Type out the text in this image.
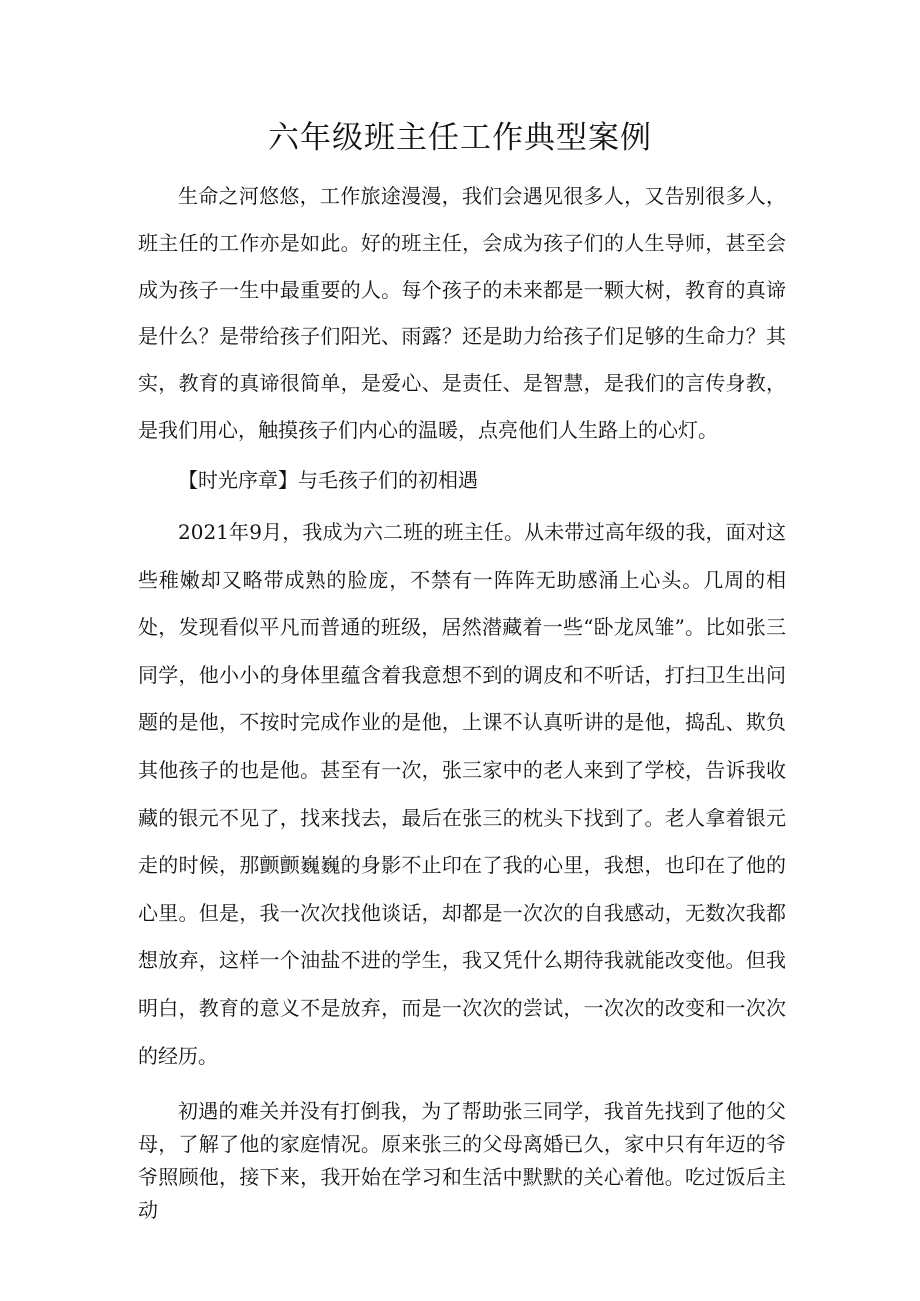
六年级班主任工作典型案例

生命之河悠悠，工作旅途漫漫，我们会遇见很多人，又告别很多人，班主任的工作亦是如此。好的班主任，会成为孩子们的人生导师，甚至会成为孩子一生中最重要的人。每个孩子的未来都是一颗大树，教育的真谛是什么？是带给孩子们阳光、雨露？还是助力给孩子们足够的生命力？其实，教育的真谛很简单，是爱心、是责任、是智慧，是我们的言传身教，是我们用心，触摸孩子们内心的温暖，点亮他们人生路上的心灯。

【时光序章】与毛孩子们的初相遇

2021年9月，我成为六二班的班主任。从未带过高年级的我，面对这些稚嫩却又略带成熟的脸庞，不禁有一阵阵无助感涌上心头。几周的相处，发现看似平凡而普通的班级，居然潜藏着一些“卧龙凤雏”。比如张三同学，他小小的身体里蕴含着我意想不到的调皮和不听话，打扫卫生出问题的是他，不按时完成作业的是他，上课不认真听讲的是他，捣乱、欺负其他孩子的也是他。甚至有一次，张三家中的老人来到了学校，告诉我收藏的银元不见了，找来找去，最后在张三的枕头下找到了。老人拿着银元走的时候，那颤颤巍巍的身影不止印在了我的心里，我想，也印在了他的心里。但是，我一次次找他谈话，却都是一次次的自我感动，无数次我都想放弃，这样一个油盐不进的学生，我又凭什么期待我就能改变他。但我明白，教育的意义不是放弃，而是一次次的尝试，一次次的改变和一次次的经历。

初遇的难关并没有打倒我，为了帮助张三同学，我首先找到了他的父母，了解了他的家庭情况。原来张三的父母离婚已久，家中只有年迈的爷爷照顾他，接下来，我开始在学习和生活中默默的关心着他。吃过饭后主动
